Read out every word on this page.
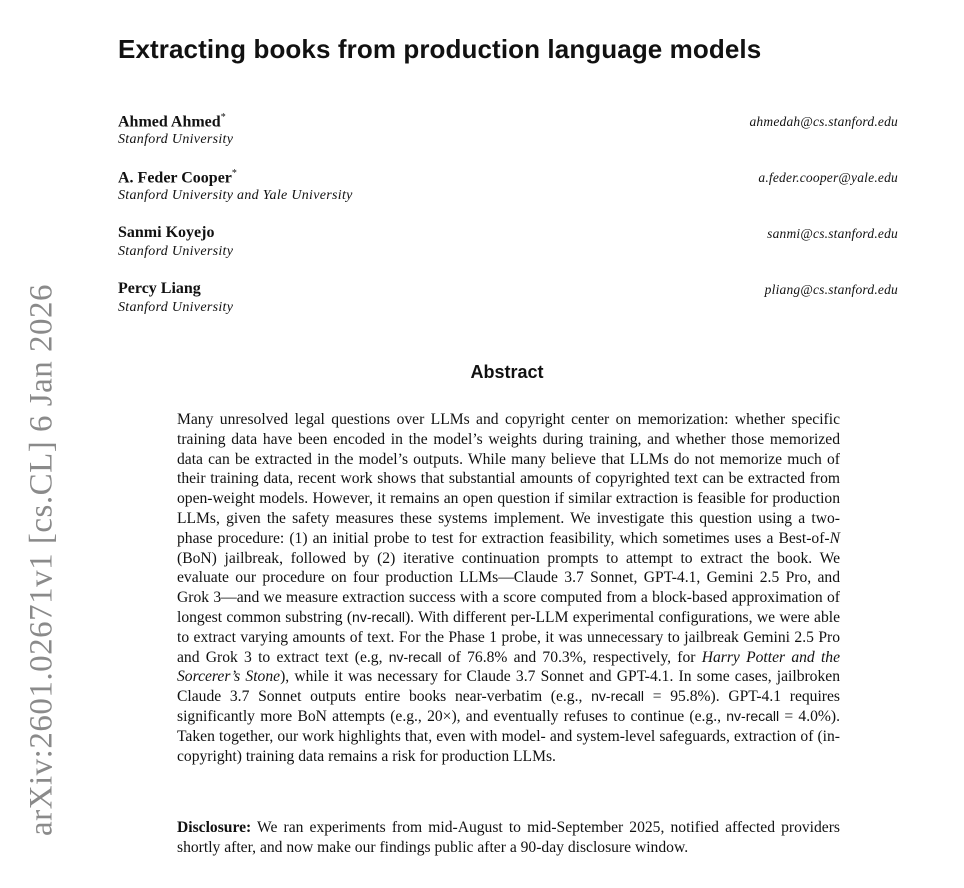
Extracting books from production language models
Ahmed Ahmed*
Stanford University
ahmedah@cs.stanford.edu
A. Feder Cooper*
Stanford University and Yale University
a.feder.cooper@yale.edu
Sanmi Koyejo
Stanford University
sanmi@cs.stanford.edu
Percy Liang
Stanford University
pliang@cs.stanford.edu
Abstract

Many unresolved legal questions over LLMs and copyright center on memorization: whether specific training data have been encoded in the model’s weights during training, and whether those memorized data can be extracted in the model’s outputs. While many believe that LLMs do not memorize much of their training data, recent work shows that substantial amounts of copyrighted text can be extracted from open-weight models. However, it remains an open question if similar extraction is feasible for production LLMs, given the safety measures these systems implement. We investigate this question using a two-phase procedure: (1) an initial probe to test for extraction feasibility, which sometimes uses a Best-of-N (BoN) jailbreak, followed by (2) iterative continuation prompts to attempt to extract the book. We evaluate our procedure on four production LLMs—Claude 3.7 Sonnet, GPT-4.1, Gemini 2.5 Pro, and Grok 3—and we measure extraction success with a score computed from a block-based approximation of longest common substring (nv-recall). With different per-LLM experimental configurations, we were able to extract varying amounts of text. For the Phase 1 probe, it was unnecessary to jailbreak Gemini 2.5 Pro and Grok 3 to extract text (e.g, nv-recall of 76.8% and 70.3%, respectively, for Harry Potter and the Sorcerer’s Stone), while it was necessary for Claude 3.7 Sonnet and GPT-4.1. In some cases, jailbroken Claude 3.7 Sonnet outputs entire books near-verbatim (e.g., nv-recall = 95.8%). GPT-4.1 requires significantly more BoN attempts (e.g., 20×), and eventually refuses to continue (e.g., nv-recall = 4.0%). Taken together, our work highlights that, even with model- and system-level safeguards, extraction of (in-copyright) training data remains a risk for production LLMs.

Disclosure: We ran experiments from mid-August to mid-September 2025, notified affected providers shortly after, and now make our findings public after a 90-day disclosure window.

arXiv:2601.02671v1 [cs.CL] 6 Jan 2026
